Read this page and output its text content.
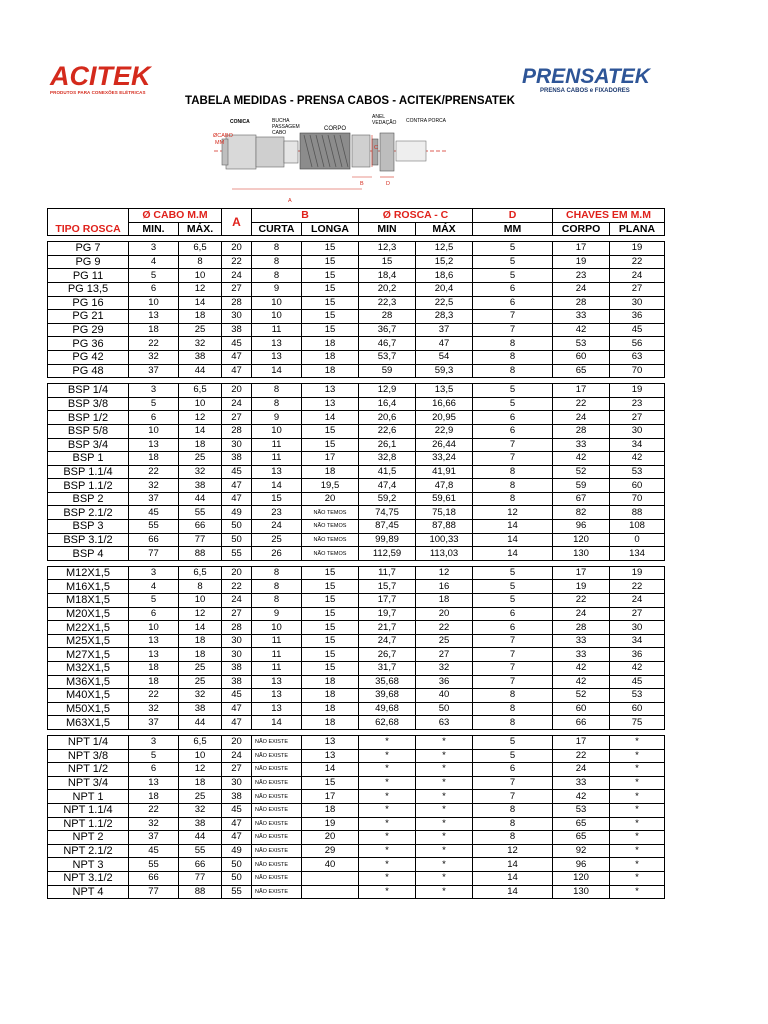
ACITEK
PRODUTOS PARA CONEXÕES ELÉTRICAS
PRENSATEK
PRENSA CABOS e FIXADORES
TABELA MEDIDAS - PRENSA CABOS - ACITEK/PRENSATEK
CONICA	BUCHA
PASSAGEM
CABO
CORPO
ANEL
VEDAÇÃO CONTRA PORCA
ØCABO
MM
A
B
C
D
	Ø CABO M.M		A	B		Ø ROSCA - C		D	CHAVES EM M.M	
TIPO ROSCA	MIN.	MÁX.		CURTA	LONGA	MIN	MÁX	MM	CORPO	PLANA

PG 7	3	6,5	20	8	15	12,3	12,5	5	17	19
PG 9	4	8	22	8	15	15	15,2	5	19	22
PG 11	5	10	24	8	15	18,4	18,6	5	23	24
PG 13,5	6	12	27	9	15	20,2	20,4	6	24	27
PG 16	10	14	28	10	15	22,3	22,5	6	28	30
PG 21	13	18	30	10	15	28	28,3	7	33	36
PG 29	18	25	38	11	15	36,7	37	7	42	45
PG 36	22	32	45	13	18	46,7	47	8	53	56
PG 42	32	38	47	13	18	53,7	54	8	60	63
PG 48	37	44	47	14	18	59	59,3	8	65	70

BSP 1/4	3	6,5	20	8	13	12,9	13,5	5	17	19
BSP 3/8	5	10	24	8	13	16,4	16,66	5	22	23
BSP 1/2	6	12	27	9	14	20,6	20,95	6	24	27
BSP 5/8	10	14	28	10	15	22,6	22,9	6	28	30
BSP 3/4	13	18	30	11	15	26,1	26,44	7	33	34
BSP 1	18	25	38	11	17	32,8	33,24	7	42	42
BSP 1.1/4	22	32	45	13	18	41,5	41,91	8	52	53
BSP 1.1/2	32	38	47	14	19,5	47,4	47,8	8	59	60
BSP 2	37	44	47	15	20	59,2	59,61	8	67	70
BSP 2.1/2	45	55	49	23	NÃO TEMOS	74,75	75,18	12	82	88
BSP 3	55	66	50	24	NÃO TEMOS	87,45	87,88	14	96	108
BSP 3.1/2	66	77	50	25	NÃO TEMOS	99,89	100,33	14	120	0
BSP 4	77	88	55	26	NÃO TEMOS	112,59	113,03	14	130	134

M12X1,5	3	6,5	20	8	15	11,7	12	5	17	19
M16X1,5	4	8	22	8	15	15,7	16	5	19	22
M18X1,5	5	10	24	8	15	17,7	18	5	22	24
M20X1,5	6	12	27	9	15	19,7	20	6	24	27
M22X1,5	10	14	28	10	15	21,7	22	6	28	30
M25X1,5	13	18	30	11	15	24,7	25	7	33	34
M27X1,5	13	18	30	11	15	26,7	27	7	33	36
M32X1,5	18	25	38	11	15	31,7	32	7	42	42
M36X1,5	18	25	38	13	18	35,68	36	7	42	45
M40X1,5	22	32	45	13	18	39,68	40	8	52	53
M50X1,5	32	38	47	13	18	49,68	50	8	60	60
M63X1,5	37	44	47	14	18	62,68	63	8	66	75

NPT 1/4	3	6,5	20	NÃO EXISTE	13	*	*	5	17	*
NPT 3/8	5	10	24	NÃO EXISTE	13	*	*	5	22	*
NPT 1/2	6	12	27	NÃO EXISTE	14	*	*	6	24	*
NPT 3/4	13	18	30	NÃO EXISTE	15	*	*	7	33	*
NPT 1	18	25	38	NÃO EXISTE	17	*	*	7	42	*
NPT 1.1/4	22	32	45	NÃO EXISTE	18	*	*	8	53	*
NPT 1.1/2	32	38	47	NÃO EXISTE	19	*	*	8	65	*
NPT 2	37	44	47	NÃO EXISTE	20	*	*	8	65	*
NPT 2.1/2	45	55	49	NÃO EXISTE	29	*	*	12	92	*
NPT 3	55	66	50	NÃO EXISTE	40	*	*	14	96	*
NPT 3.1/2	66	77	50	NÃO EXISTE		*	*	14	120	*
NPT 4	77	88	55	NÃO EXISTE		*	*	14	130	*
